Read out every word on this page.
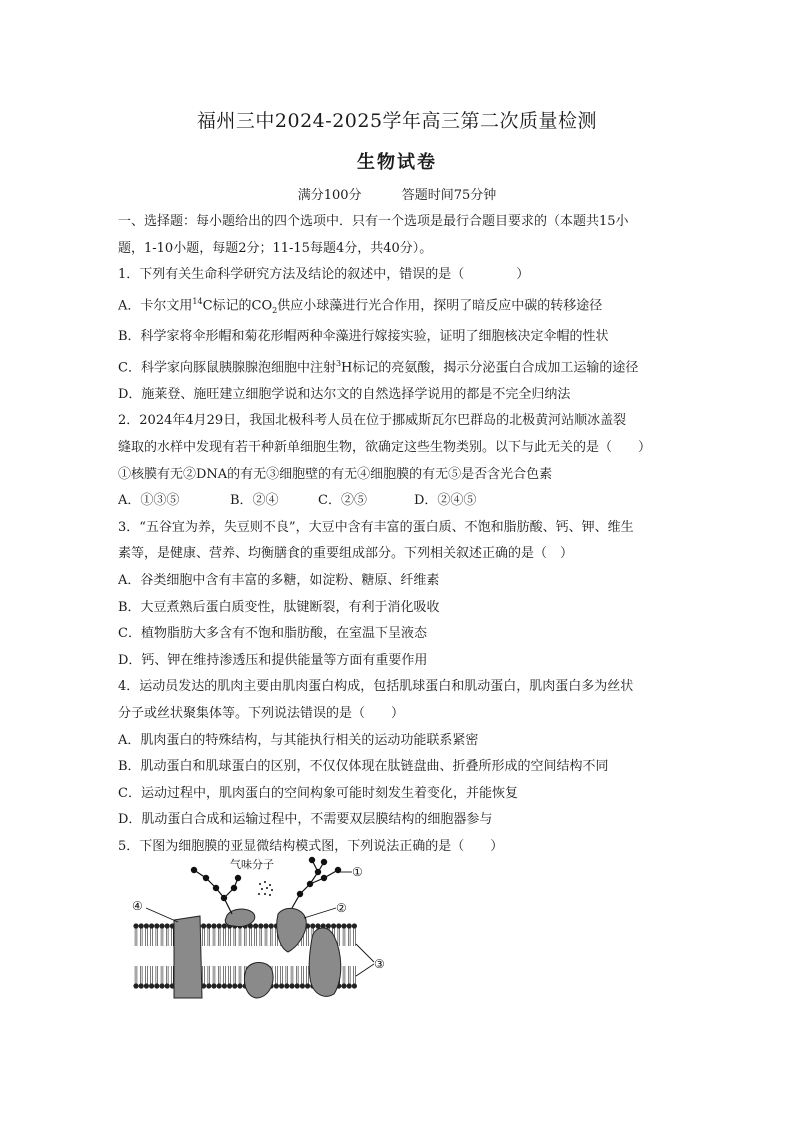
福州三中2024-2025学年高三第二次质量检测
生物试卷
满分100分	答题时间75分钟
一、选择题：每小题给出的四个选项中．只有一个选项是最行合题目要求的（本题共15小
题，1-10小题，每题2分；11-15每题4分，共40分）。
1．下列有关生命科学研究方法及结论的叙述中，错误的是（　　　　）
A．卡尔文用$^{14}$C标记的$CO_2$供应小球藻进行光合作用，探明了暗反应中碳的转移途径
B．科学家将伞形帽和菊花形帽两种伞藻进行嫁接实验，证明了细胞核决定伞帽的性状
C．科学家向豚鼠胰腺腺泡细胞中注射$^3$H标记的亮氨酸，揭示分泌蛋白合成加工运输的途径
D．施莱登、施旺建立细胞学说和达尔文的自然选择学说用的都是不完全归纳法
2．2024年4月29日，我国北极科考人员在位于挪威斯瓦尔巴群岛的北极黄河站顺冰盖裂
缝取的水样中发现有若干种新单细胞生物，欲确定这些生物类别。以下与此无关的是（　　）
①核膜有无②DNA的有无③细胞壁的有无④细胞膜的有无⑤是否含光合色素
A．①③⑤	B．②④	C．②⑤	D．②④⑤
3．“五谷宜为养，失豆则不良”，大豆中含有丰富的蛋白质、不饱和脂肪酸、钙、钾、维生
素等，是健康、营养、均衡膳食的重要组成部分。下列相关叙述正确的是（　）
A．谷类细胞中含有丰富的多糖，如淀粉、糖原、纤维素
B．大豆煮熟后蛋白质变性，肽键断裂，有利于消化吸收
C．植物脂肪大多含有不饱和脂肪酸，在室温下呈液态
D．钙、钾在维持渗透压和提供能量等方面有重要作用
4．运动员发达的肌肉主要由肌肉蛋白构成，包括肌球蛋白和肌动蛋白，肌肉蛋白多为丝状
分子或丝状聚集体等。下列说法错误的是（　　）
A．肌肉蛋白的特殊结构，与其能执行相关的运动功能联系紧密
B．肌动蛋白和肌球蛋白的区别，不仅仅体现在肽链盘曲、折叠所形成的空间结构不同
C．运动过程中，肌肉蛋白的空间构象可能时刻发生着变化，并能恢复
D．肌动蛋白合成和运输过程中，不需要双层膜结构的细胞器参与
5．下图为细胞膜的亚显微结构模式图，下列说法正确的是（　　）
气味分子
①
②
④
③
